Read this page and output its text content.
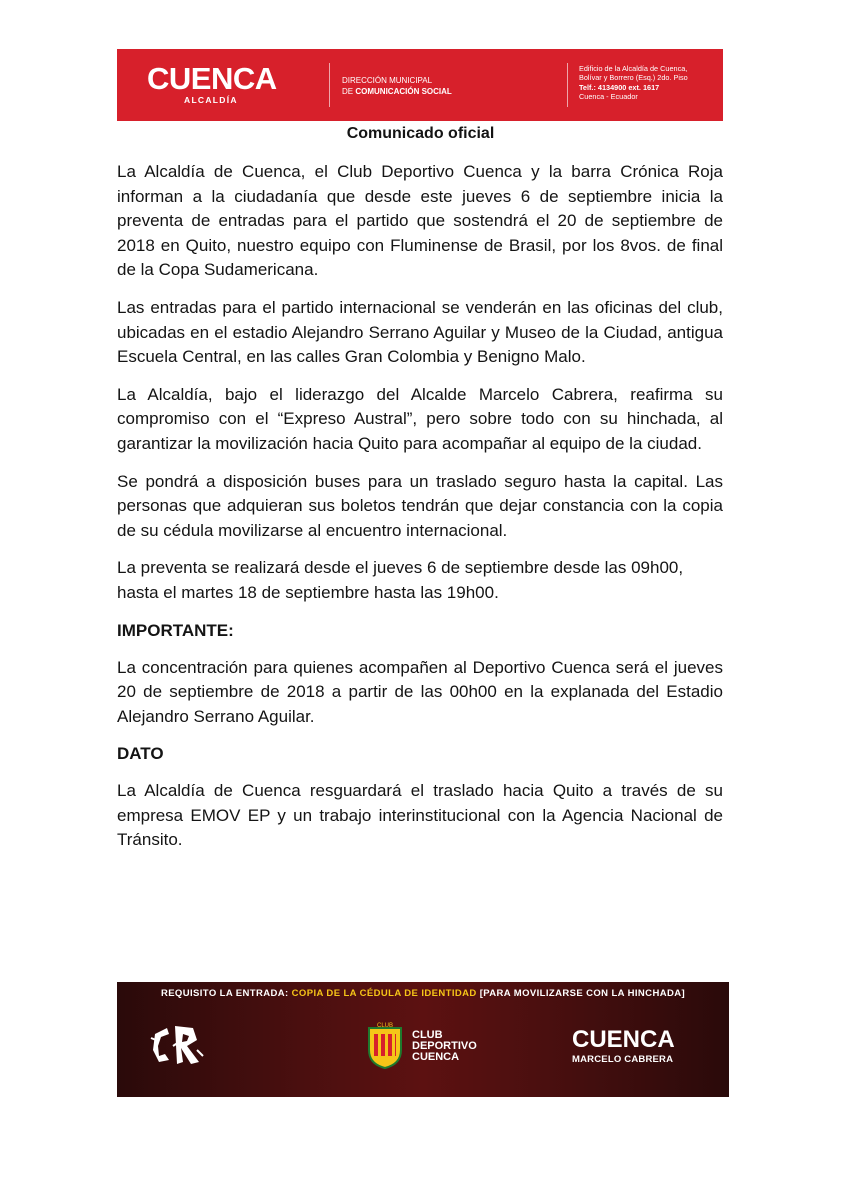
CUENCA
ALCALDÍA
DIRECCIÓN MUNICIPAL
DE COMUNICACIÓN SOCIAL
Edificio de la Alcaldía de Cuenca,
Bolívar y Borrero (Esq.) 2do. Piso
Telf.: 4134900 ext. 1617
Cuenca - Ecuador
Comunicado oficial

La Alcaldía de Cuenca, el Club Deportivo Cuenca y la barra Crónica Roja informan a la ciudadanía que desde este jueves 6 de septiembre inicia la preventa de entradas para el partido que sostendrá el 20 de septiembre de 2018 en Quito, nuestro equipo con Fluminense de Brasil, por los 8vos. de final de la Copa Sudamericana.

Las entradas para el partido internacional se venderán en las oficinas del club, ubicadas en el estadio Alejandro Serrano Aguilar y Museo de la Ciudad, antigua Escuela Central, en las calles Gran Colombia y Benigno Malo.

La Alcaldía, bajo el liderazgo del Alcalde Marcelo Cabrera, reafirma su compromiso con el “Expreso Austral”, pero sobre todo con su hinchada, al garantizar la movilización hacia Quito para acompañar al equipo de la ciudad.

Se pondrá a disposición buses para un traslado seguro hasta la capital. Las personas que adquieran sus boletos tendrán que dejar constancia con la copia de su cédula movilizarse al encuentro internacional.

La preventa se realizará desde el jueves 6 de septiembre desde las 09h00, hasta el martes 18 de septiembre hasta las 19h00.

IMPORTANTE:

La concentración para quienes acompañen al Deportivo Cuenca será el jueves 20 de septiembre de 2018 a partir de las 00h00 en la explanada del Estadio Alejandro Serrano Aguilar.

DATO

La Alcaldía de Cuenca resguardará el traslado hacia Quito a través de su empresa EMOV EP y un trabajo interinstitucional con la Agencia Nacional de Tránsito.

REQUISITO LA ENTRADA: COPIA DE LA CÉDULA DE IDENTIDAD [PARA MOVILIZARSE CON LA HINCHADA]
CLUB
CLUB
DEPORTIVO
CUENCA
CUENCA
MARCELO CABRERA
